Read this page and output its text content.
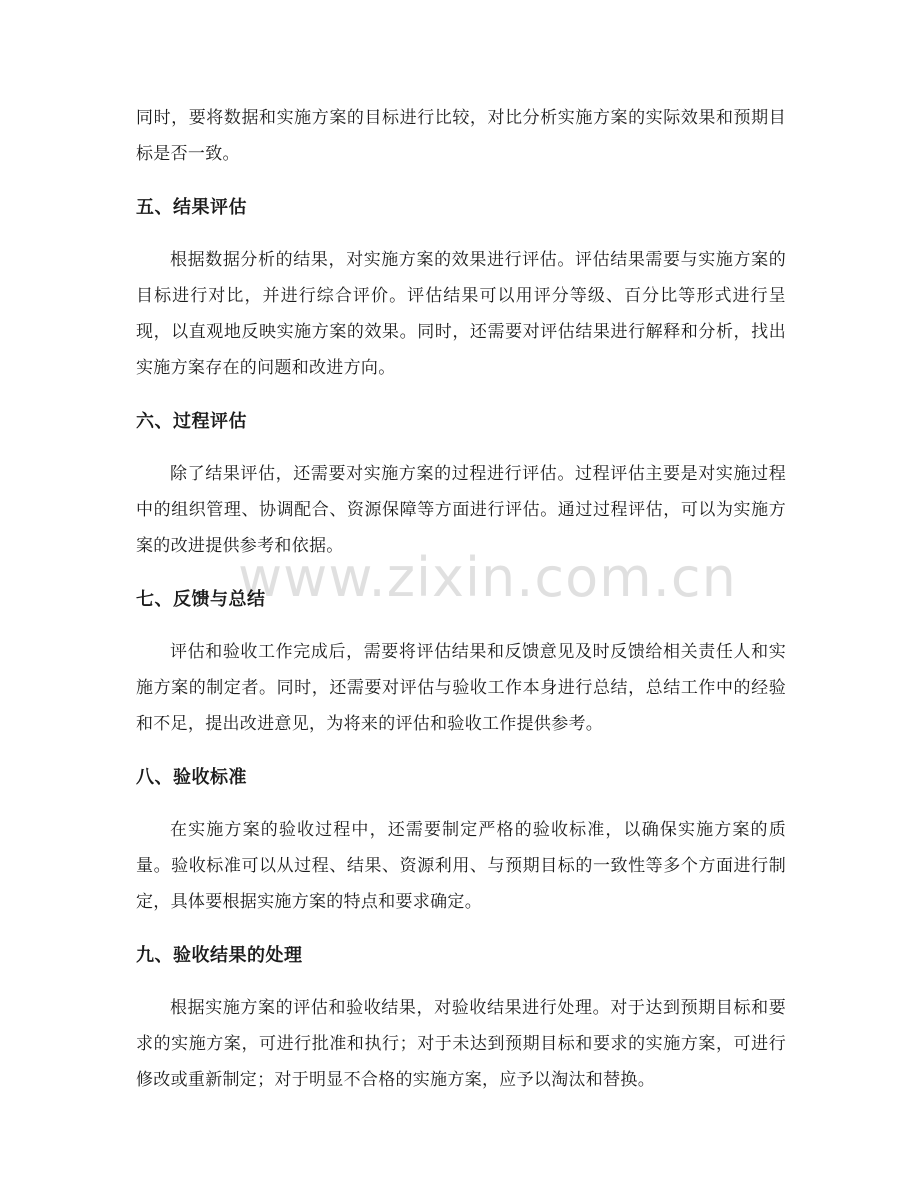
同时，要将数据和实施方案的目标进行比较，对比分析实施方案的实际效果和预期目标是否一致。

五、结果评估

根据数据分析的结果，对实施方案的效果进行评估。评估结果需要与实施方案的目标进行对比，并进行综合评价。评估结果可以用评分等级、百分比等形式进行呈现，以直观地反映实施方案的效果。同时，还需要对评估结果进行解释和分析，找出实施方案存在的问题和改进方向。

六、过程评估

除了结果评估，还需要对实施方案的过程进行评估。过程评估主要是对实施过程中的组织管理、协调配合、资源保障等方面进行评估。通过过程评估，可以为实施方案的改进提供参考和依据。

七、反馈与总结

评估和验收工作完成后，需要将评估结果和反馈意见及时反馈给相关责任人和实施方案的制定者。同时，还需要对评估与验收工作本身进行总结，总结工作中的经验和不足，提出改进意见，为将来的评估和验收工作提供参考。

八、验收标准

在实施方案的验收过程中，还需要制定严格的验收标准，以确保实施方案的质量。验收标准可以从过程、结果、资源利用、与预期目标的一致性等多个方面进行制定，具体要根据实施方案的特点和要求确定。

九、验收结果的处理

根据实施方案的评估和验收结果，对验收结果进行处理。对于达到预期目标和要求的实施方案，可进行批准和执行；对于未达到预期目标和要求的实施方案，可进行修改或重新制定；对于明显不合格的实施方案，应予以淘汰和替换。

www.zixin.com.cn
